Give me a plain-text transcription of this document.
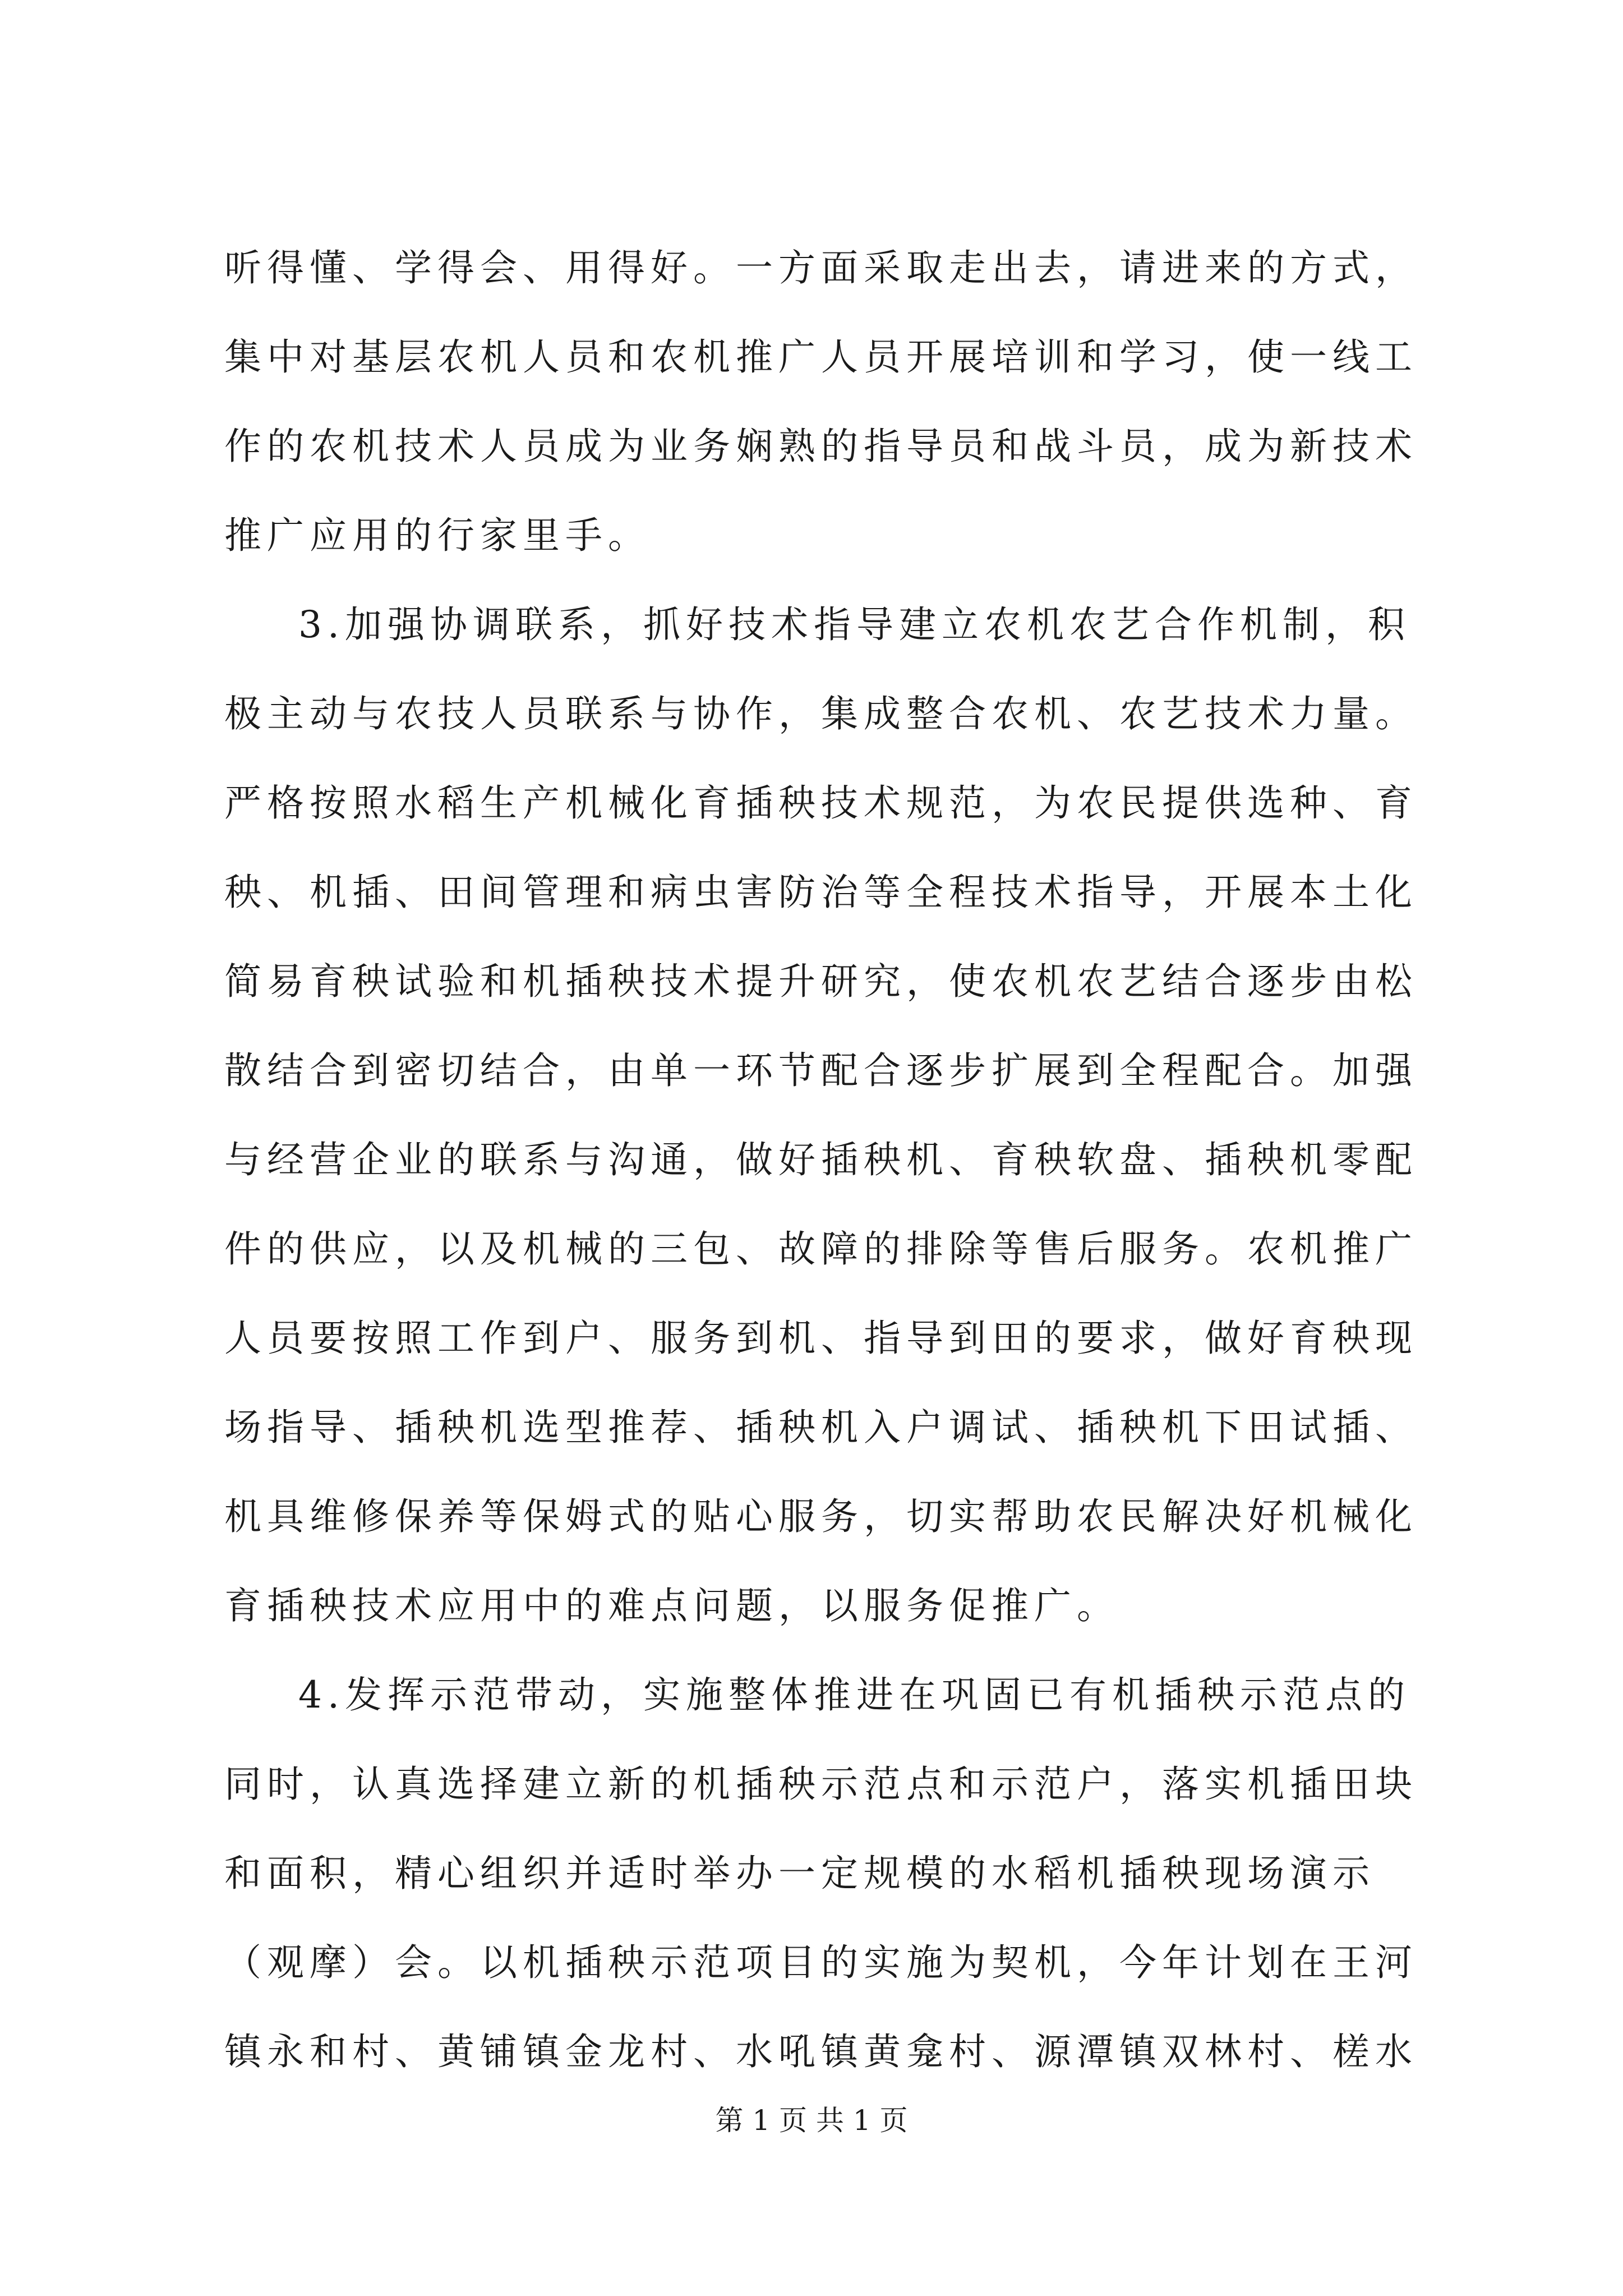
听得懂、学得会、用得好。一方面采取走出去，请进来的方式，
集中对基层农机人员和农机推广人员开展培训和学习，使一线工
作的农机技术人员成为业务娴熟的指导员和战斗员，成为新技术
推广应用的行家里手。
3.加强协调联系，抓好技术指导建立农机农艺合作机制，积
极主动与农技人员联系与协作，集成整合农机、农艺技术力量。
严格按照水稻生产机械化育插秧技术规范，为农民提供选种、育
秧、机插、田间管理和病虫害防治等全程技术指导，开展本土化
简易育秧试验和机插秧技术提升研究，使农机农艺结合逐步由松
散结合到密切结合，由单一环节配合逐步扩展到全程配合。加强
与经营企业的联系与沟通，做好插秧机、育秧软盘、插秧机零配
件的供应，以及机械的三包、故障的排除等售后服务。农机推广
人员要按照工作到户、服务到机、指导到田的要求，做好育秧现
场指导、插秧机选型推荐、插秧机入户调试、插秧机下田试插、
机具维修保养等保姆式的贴心服务，切实帮助农民解决好机械化
育插秧技术应用中的难点问题，以服务促推广。
4.发挥示范带动，实施整体推进在巩固已有机插秧示范点的
同时，认真选择建立新的机插秧示范点和示范户，落实机插田块
和面积，精心组织并适时举办一定规模的水稻机插秧现场演示
（观摩）会。以机插秧示范项目的实施为契机，今年计划在王河
镇永和村、黄铺镇金龙村、水吼镇黄龛村、源潭镇双林村、槎水
第 1 页 共 1 页
